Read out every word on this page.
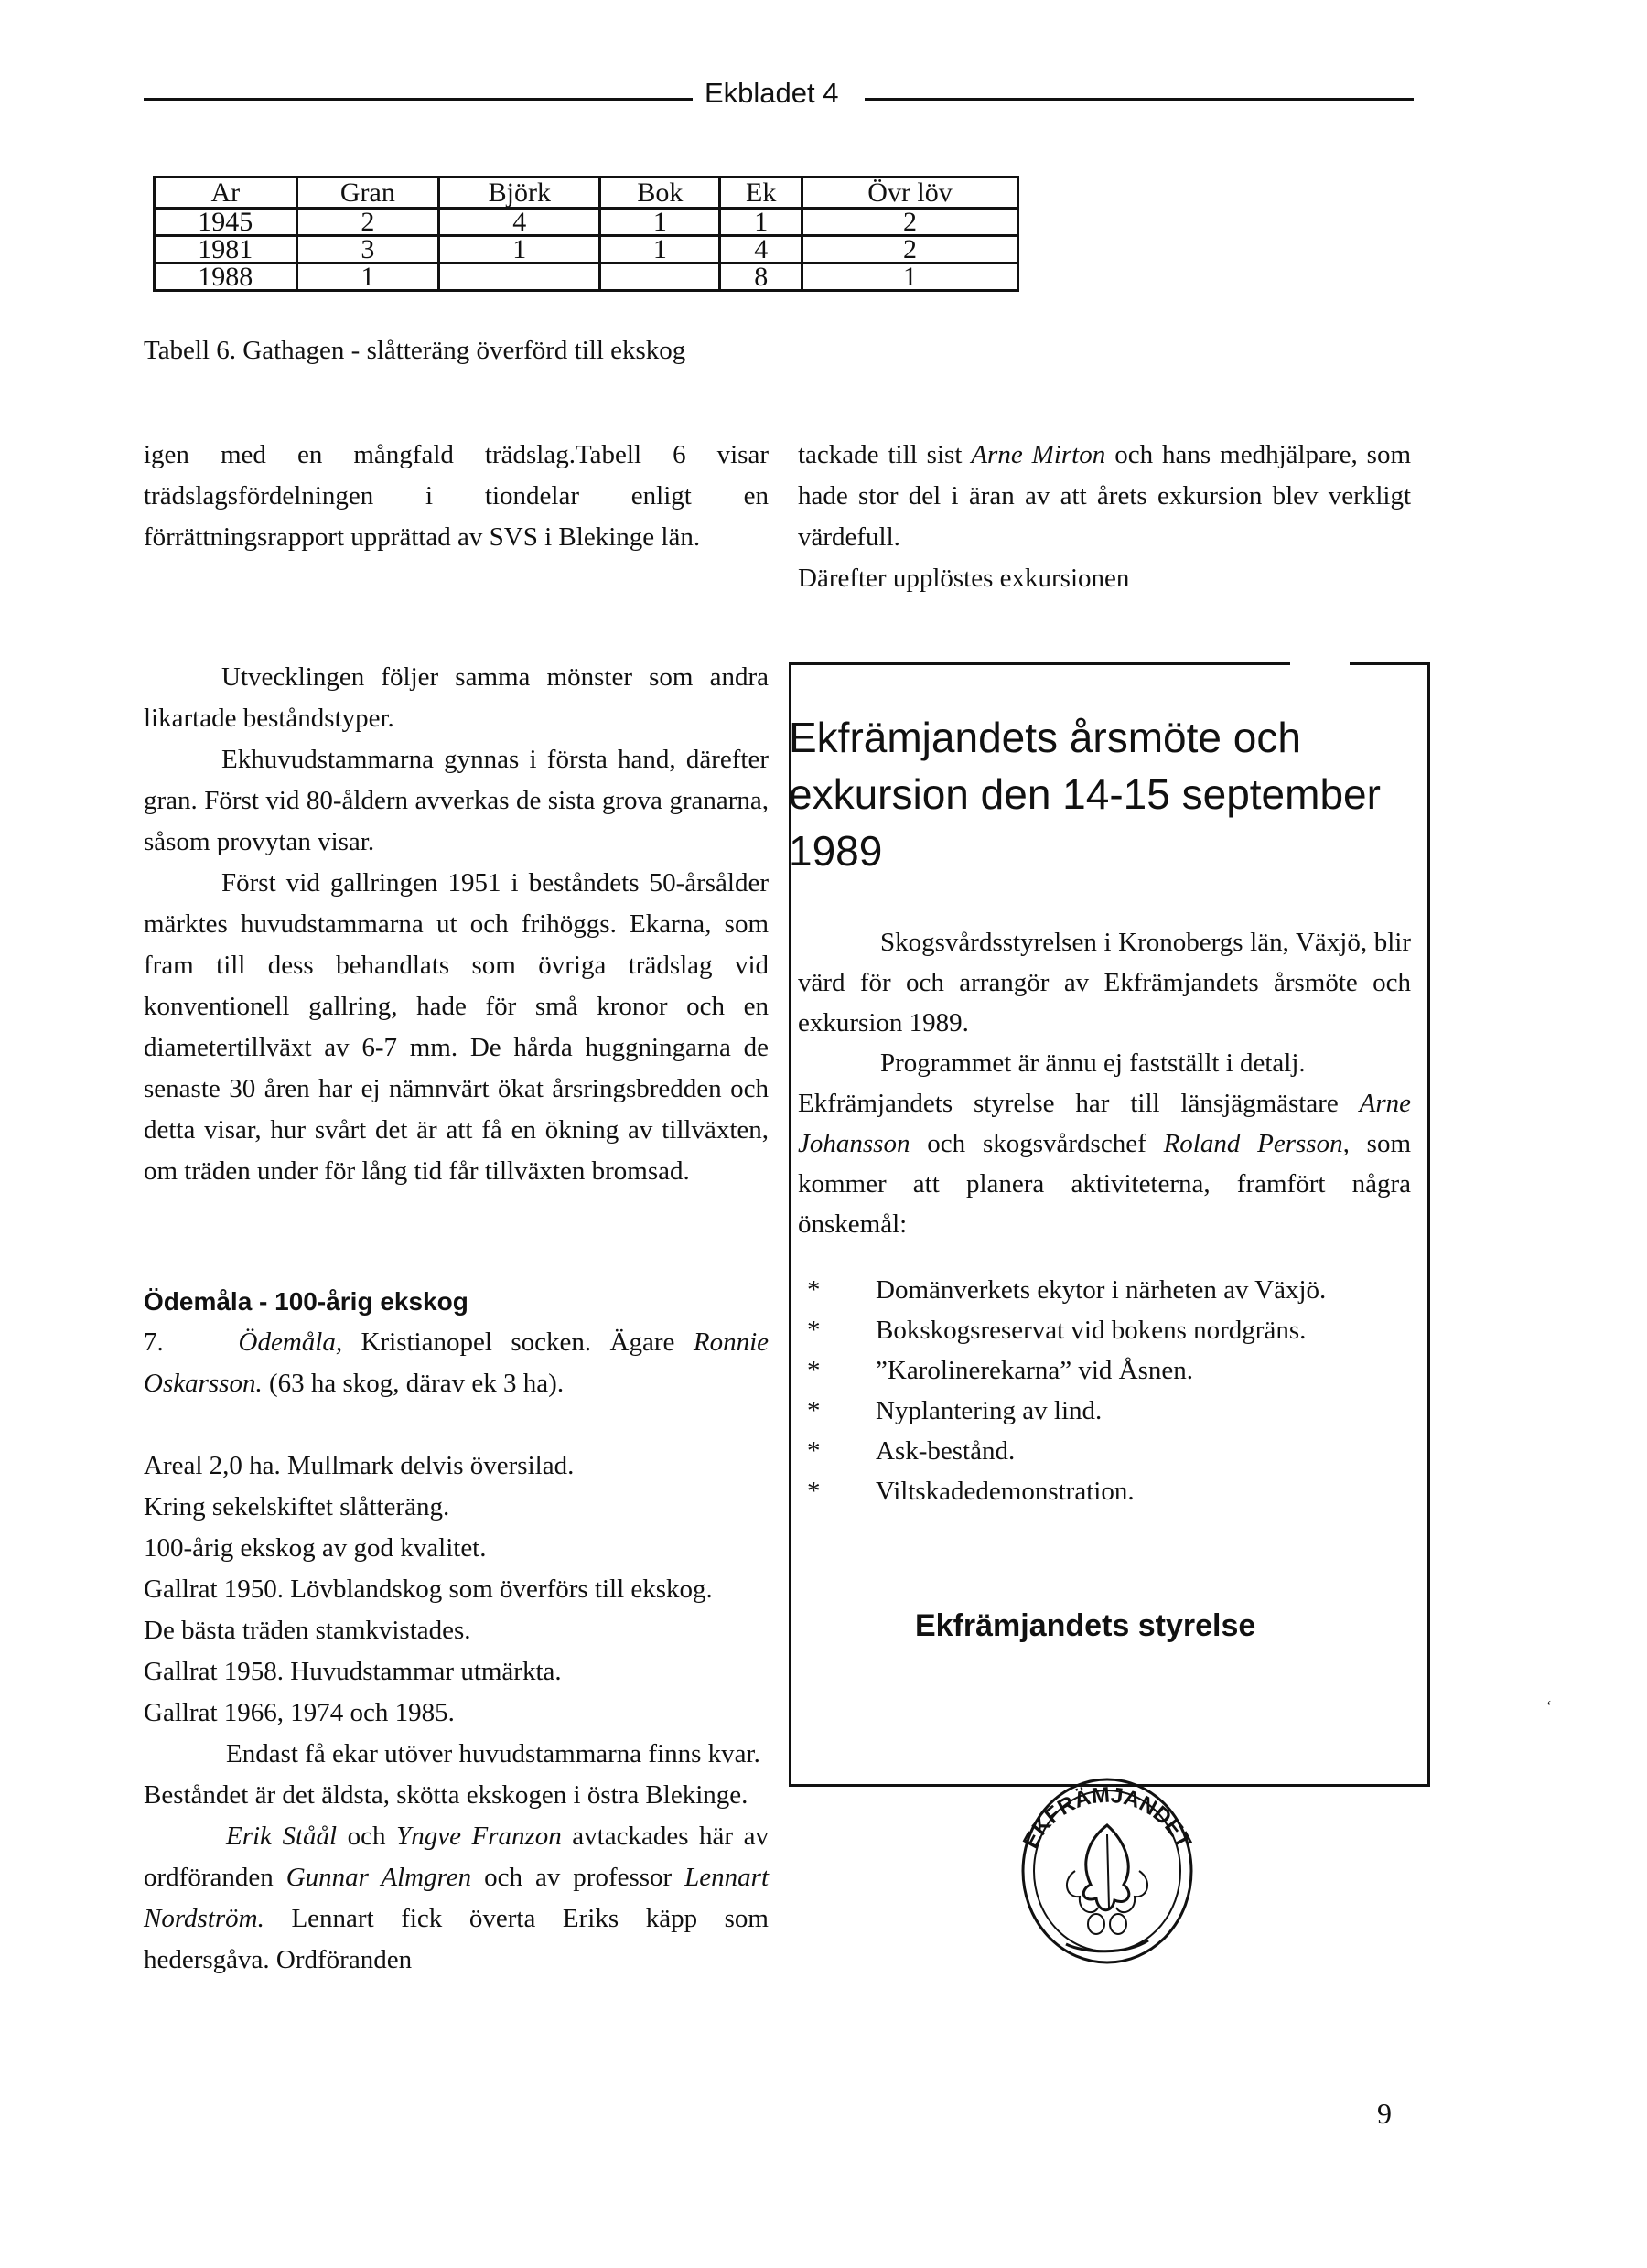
Ekbladet 4
Ar	Gran	Björk	Bok	Ek	Övr löv
1945	2	4	1	1	2
1981	3	1	1	4	2
1988	1			8	1
Tabell 6. Gathagen - slåtteräng överförd till ekskog
igen med en mångfald trädslag.Tabell 6 visar trädslagsfördelningen i tiondelar enligt en förrättningsrapport upprättad av SVS i Blekinge län.
tackade till sist Arne Mirton och hans medhjälpare, som hade stor del i äran av att årets exkursion blev verkligt värdefull.
Därefter upplöstes exkursionen
Utvecklingen följer samma mönster som andra likartade beståndstyper.
Ekhuvudstammarna gynnas i första hand, därefter gran. Först vid 80-åldern avverkas de sista grova granarna, såsom provytan visar.
Först vid gallringen 1951 i beståndets 50-årsålder märktes huvudstammarna ut och frihöggs. Ekarna, som fram till dess behandlats som övriga trädslag vid konventionell gallring, hade för små kronor och en diametertillväxt av 6-7 mm. De hårda huggningarna de senaste 30 åren har ej nämnvärt ökat årsringsbredden och detta visar, hur svårt det är att få en ökning av tillväxten, om träden under för lång tid får tillväxten bromsad.
Ödemåla - 100-årig ekskog
7.	Ödemåla, Kristianopel socken. Ägare Ronnie Oskarsson. (63 ha skog, därav ek 3 ha).
Areal 2,0 ha. Mullmark delvis översilad.
Kring sekelskiftet slåtteräng.
100-årig ekskog av god kvalitet.
Gallrat 1950. Lövblandskog som överförs till ekskog.
De bästa träden stamkvistades.
Gallrat 1958. Huvudstammar utmärkta.
Gallrat 1966, 1974 och 1985.
Endast få ekar utöver huvudstammarna finns kvar.
Beståndet är det äldsta, skötta ekskogen i östra Blekinge.
Erik Ståål och Yngve Franzon avtackades här av ordföranden Gunnar Almgren och av professor Lennart Nordström. Lennart fick överta Eriks käpp som hedersgåva. Ordföranden
Ekfrämjandets årsmöte och
exkursion den 14-15 september
1989
Skogsvårdsstyrelsen i Kronobergs län, Växjö, blir värd för och arrangör av Ekfrämjandets årsmöte och exkursion 1989.
Programmet är ännu ej fastställt i detalj.
Ekfrämjandets styrelse har till länsjägmästare Arne Johansson och skogsvårdschef Roland Persson, som kommer att planera aktiviteterna, framfört några önskemål:
* Domänverkets ekytor i närheten av Växjö.
* Bokskogsreservat vid bokens nordgräns.
* ”Karolinerekarna” vid Åsnen.
* Nyplantering av lind.
* Ask-bestånd.
* Viltskadedemonstration.
Ekfrämjandets styrelse
EKFRÄMJANDET
‘
9
